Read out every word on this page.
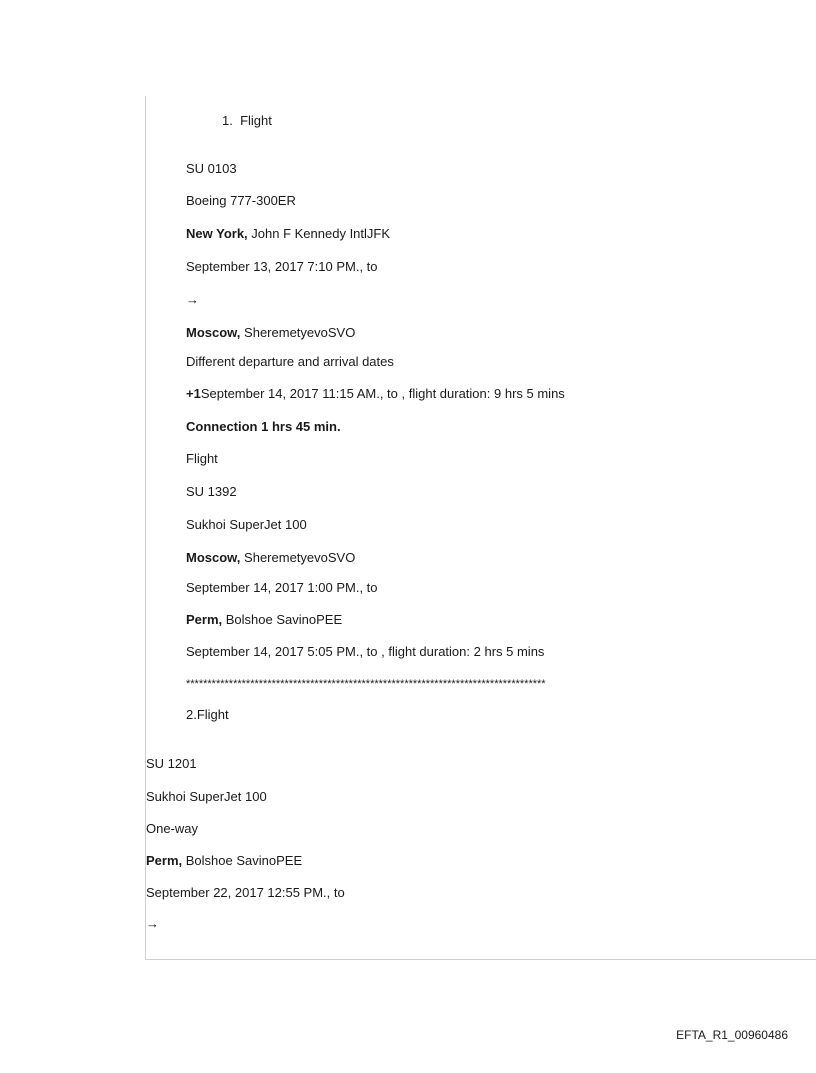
1. Flight
SU 0103
Boeing 777-300ER
New York, John F Kennedy IntlJFK
September 13, 2017 7:10 PM., to
→
Moscow, SheremetyevoSVO
Different departure and arrival dates
+1September 14, 2017 11:15 AM., to , flight duration: 9 hrs 5 mins
Connection 1 hrs 45 min.
Flight
SU 1392
Sukhoi SuperJet 100
Moscow, SheremetyevoSVO
September 14, 2017 1:00 PM., to
Perm, Bolshoe SavinoPEE
September 14, 2017 5:05 PM., to , flight duration: 2 hrs 5 mins
************************************************************************************
2.Flight
SU 1201
Sukhoi SuperJet 100
One-way
Perm, Bolshoe SavinoPEE
September 22, 2017 12:55 PM., to
→
EFTA_R1_00960486
